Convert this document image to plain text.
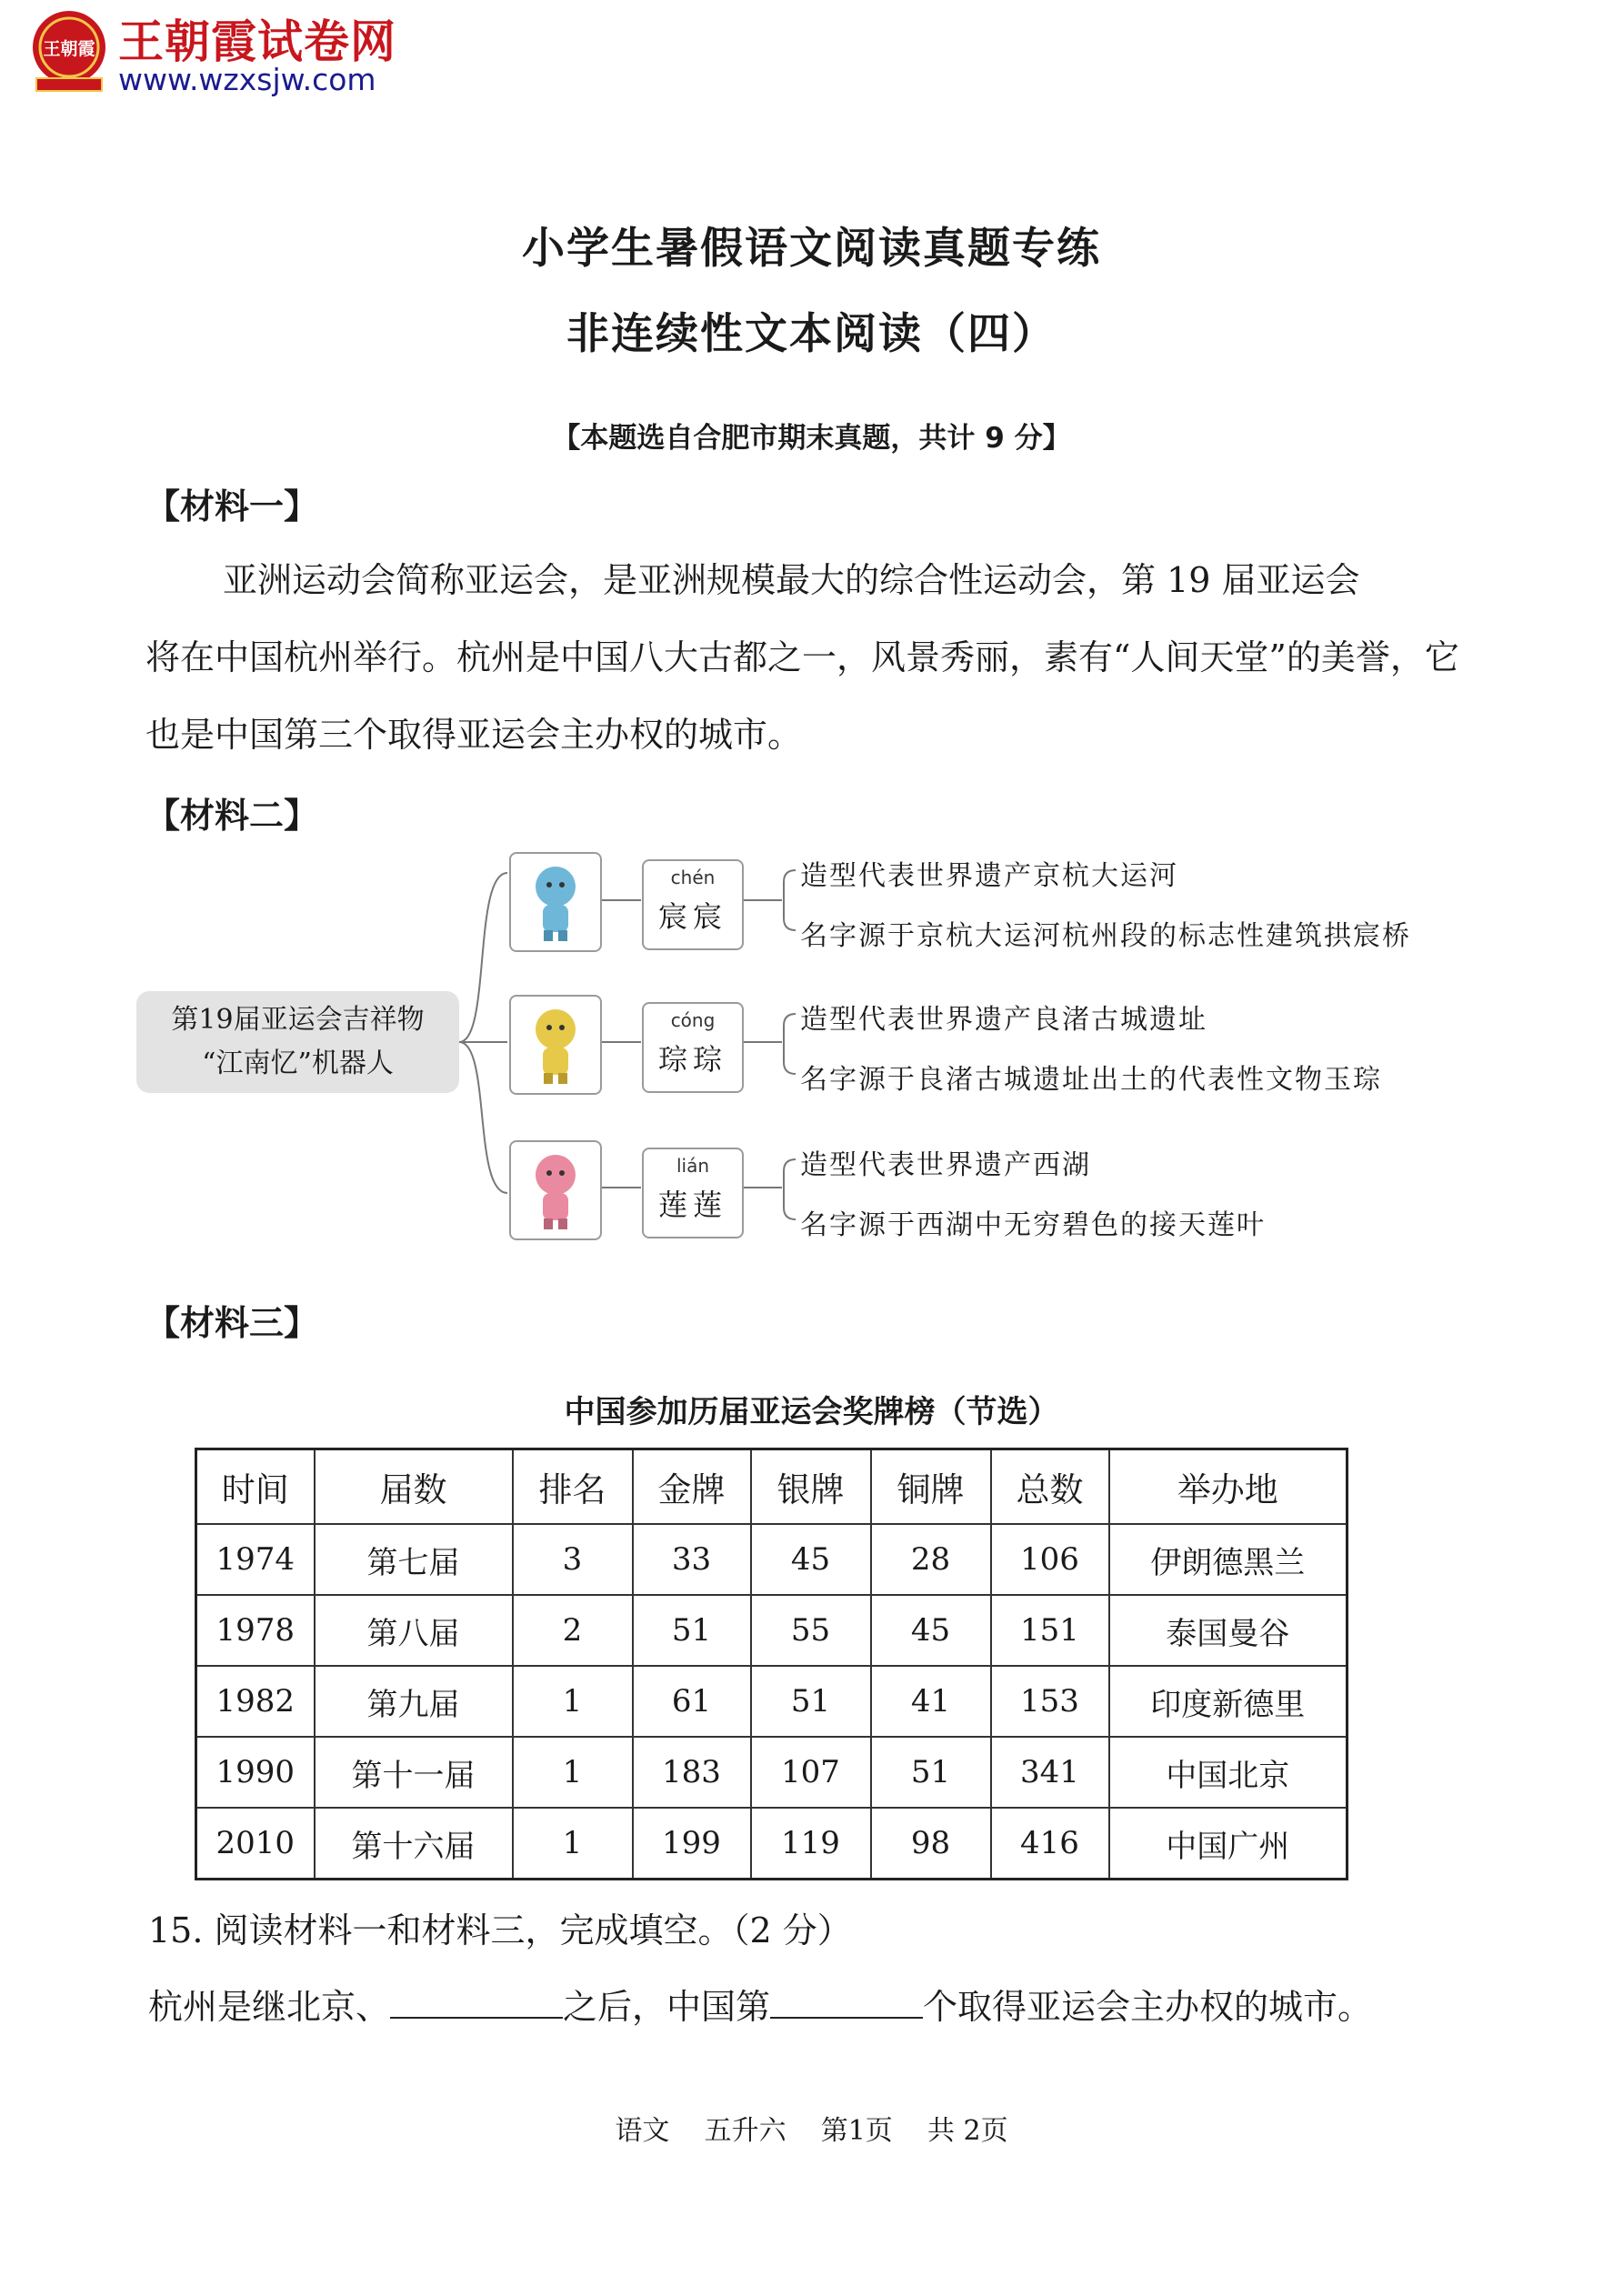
王朝霞 王朝霞试卷网
www.wzxsjw.com
小学生暑假语文阅读真题专练
非连续性文本阅读（四）
【本题选自合肥市期末真题，共计 9 分】
【材料一】
亚洲运动会简称亚运会，是亚洲规模最大的综合性运动会，第 19 届亚运会
将在中国杭州举行。杭州是中国八大古都之一，风景秀丽，素有“人间天堂”的美誉，它也是中国第三个取得亚运会主办权的城市。
【材料二】
第19届亚运会吉祥物
“江南忆”机器人
chén
宸宸
造型代表世界遗产京杭大运河
名字源于京杭大运河杭州段的标志性建筑拱宸桥
cóng
琮琮
造型代表世界遗产良渚古城遗址
名字源于良渚古城遗址出土的代表性文物玉琮
lián
莲莲
造型代表世界遗产西湖
名字源于西湖中无穷碧色的接天莲叶
【材料三】
中国参加历届亚运会奖牌榜（节选）
时间	届数	排名	金牌	银牌	铜牌	总数	举办地
1974	第七届	3	33	45	28	106	伊朗德黑兰
1978	第八届	2	51	55	45	151	泰国曼谷
1982	第九届	1	61	51	41	153	印度新德里
1990	第十一届	1	183	107	51	341	中国北京
2010	第十六届	1	199	119	98	416	中国广州
15. 阅读材料一和材料三，完成填空。（2 分）
杭州是继北京、	之后，中国第	个取得亚运会主办权的城市。
语文    五升六    第1页    共 2页
